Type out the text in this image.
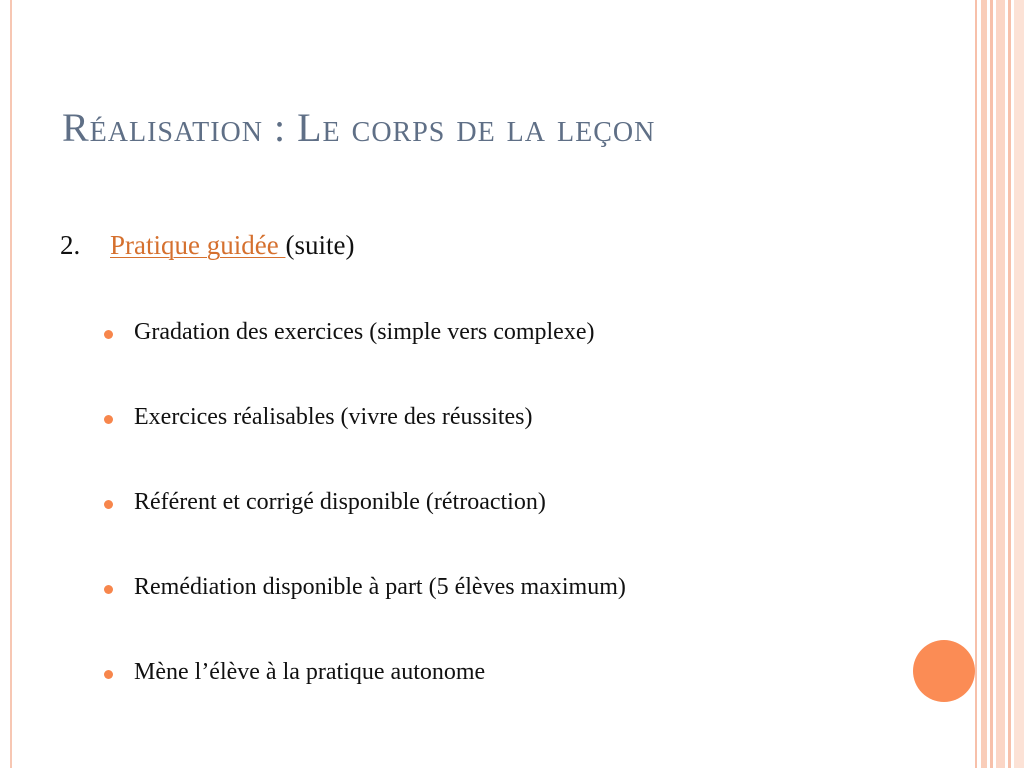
Réalisation : Le corps de la leçon
2. Pratique guidée (suite)
Gradation des exercices (simple vers complexe)
Exercices réalisables (vivre des réussites)
Référent et corrigé disponible (rétroaction)
Remédiation disponible à part (5 élèves maximum)
Mène l’élève à la pratique autonome
